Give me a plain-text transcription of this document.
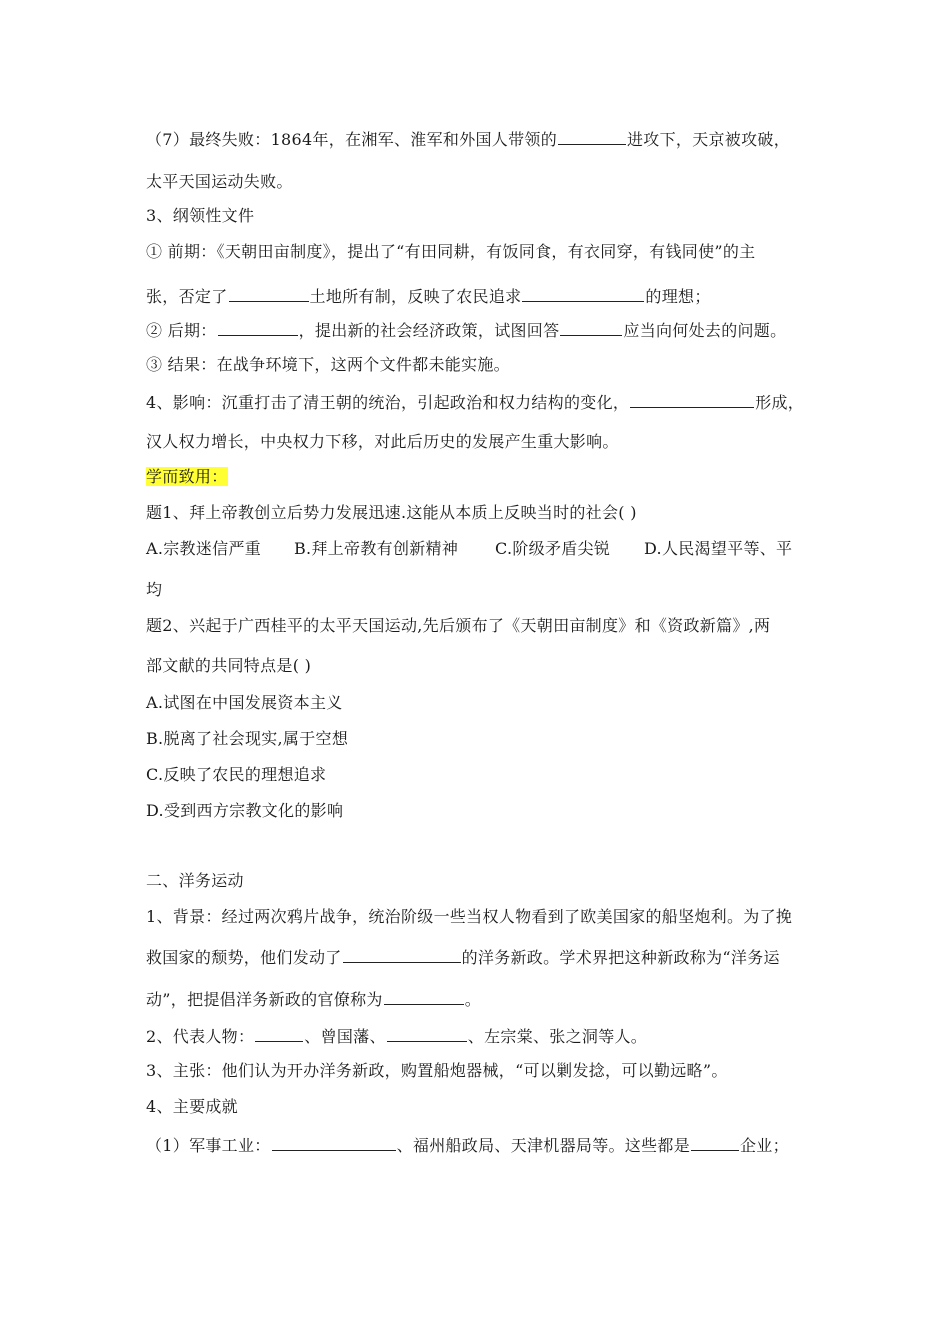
（7）最终失败：1864年，在湘军、淮军和外国人带领的	进攻下，天京被攻破，
太平天国运动失败。
3、纲领性文件
① 前期：《天朝田亩制度》，提出了“有田同耕，有饭同食，有衣同穿，有钱同使”的主
张，否定了	土地所有制，反映了农民追求	的理想；
② 后期：	，提出新的社会经济政策，试图回答	应当向何处去的问题。
③ 结果：在战争环境下，这两个文件都未能实施。
4、影响：沉重打击了清王朝的统治，引起政治和权力结构的变化，	形成，
汉人权力增长，中央权力下移，对此后历史的发展产生重大影响。
学而致用：
题1、拜上帝教创立后势力发展迅速.这能从本质上反映当时的社会( )
A.宗教迷信严重 B.拜上帝教有创新精神 C.阶级矛盾尖锐 D.人民渴望平等、平
均
题2、兴起于广西桂平的太平天国运动,先后颁布了《天朝田亩制度》和《资政新篇》,两
部文献的共同特点是( )
A.试图在中国发展资本主义
B.脱离了社会现实,属于空想
C.反映了农民的理想追求
D.受到西方宗教文化的影响
二、洋务运动
1、背景：经过两次鸦片战争，统治阶级一些当权人物看到了欧美国家的船坚炮利。为了挽
救国家的颓势，他们发动了	的洋务新政。学术界把这种新政称为“洋务运
动”，把提倡洋务新政的官僚称为	。
2、代表人物：	、曾国藩、	、左宗棠、张之洞等人。
3、主张：他们认为开办洋务新政，购置船炮器械，“可以剿发捻，可以勤远略”。
4、主要成就
（1）军事工业：	、福州船政局、天津机器局等。这些都是	企业；
